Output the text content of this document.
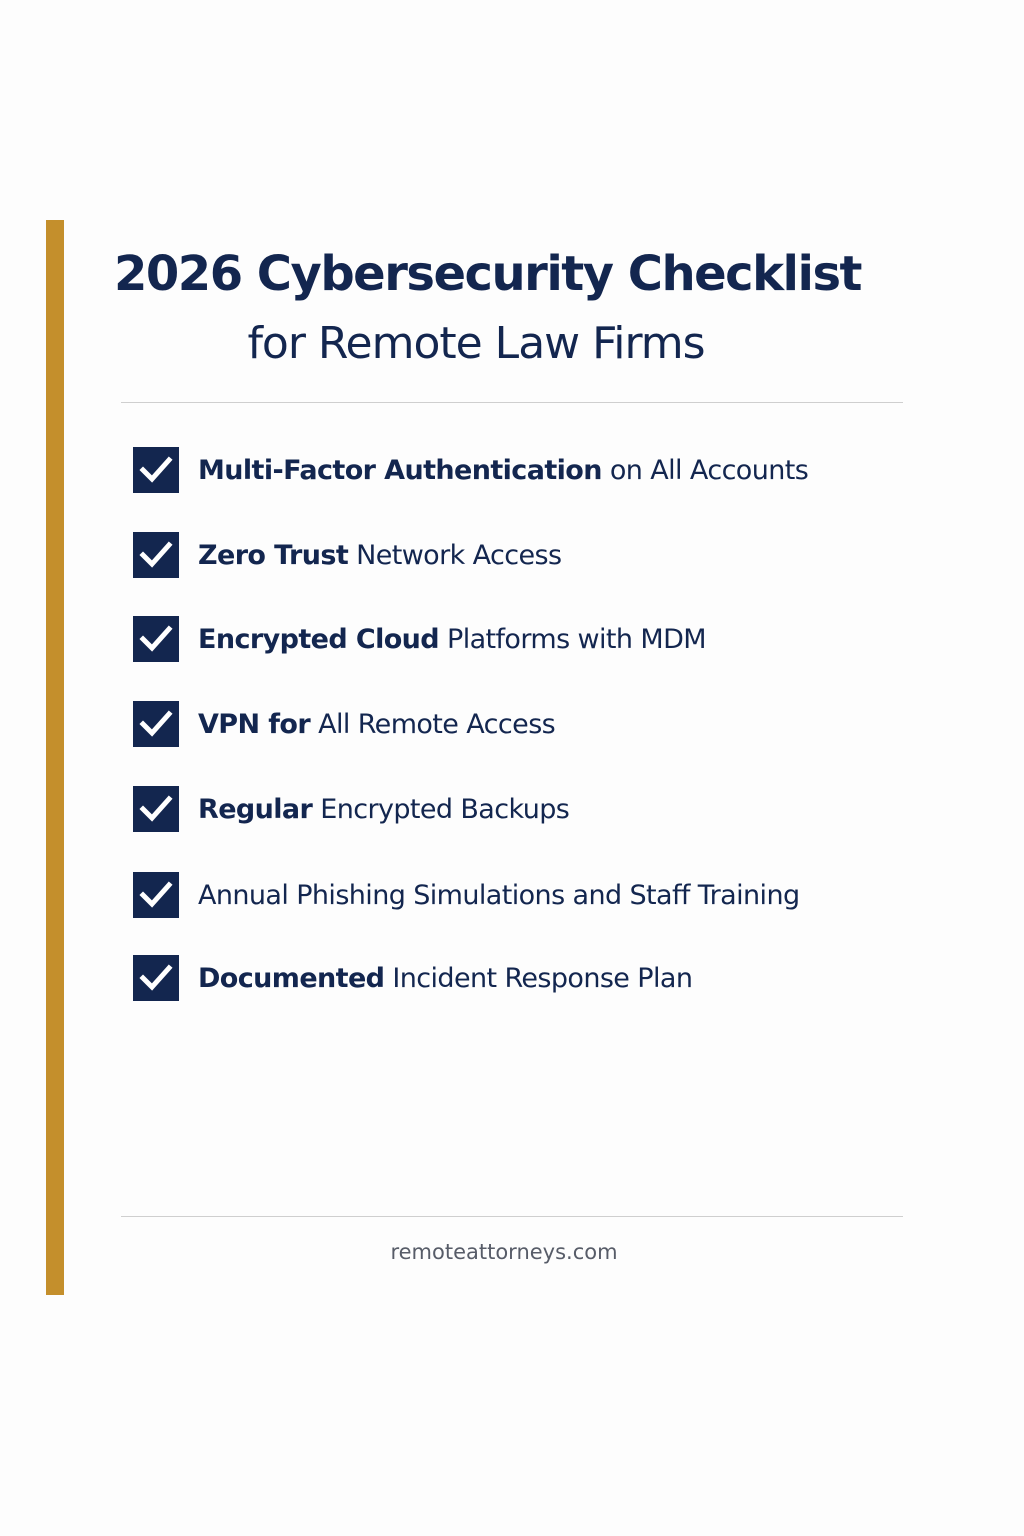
2026 Cybersecurity Checklist
for Remote Law Firms
Multi-Factor Authentication on All Accounts
Zero Trust Network Access
Encrypted Cloud Platforms with MDM
VPN for All Remote Access
Regular Encrypted Backups
Annual Phishing Simulations and Staff Training
Documented Incident Response Plan
remoteattorneys.com
